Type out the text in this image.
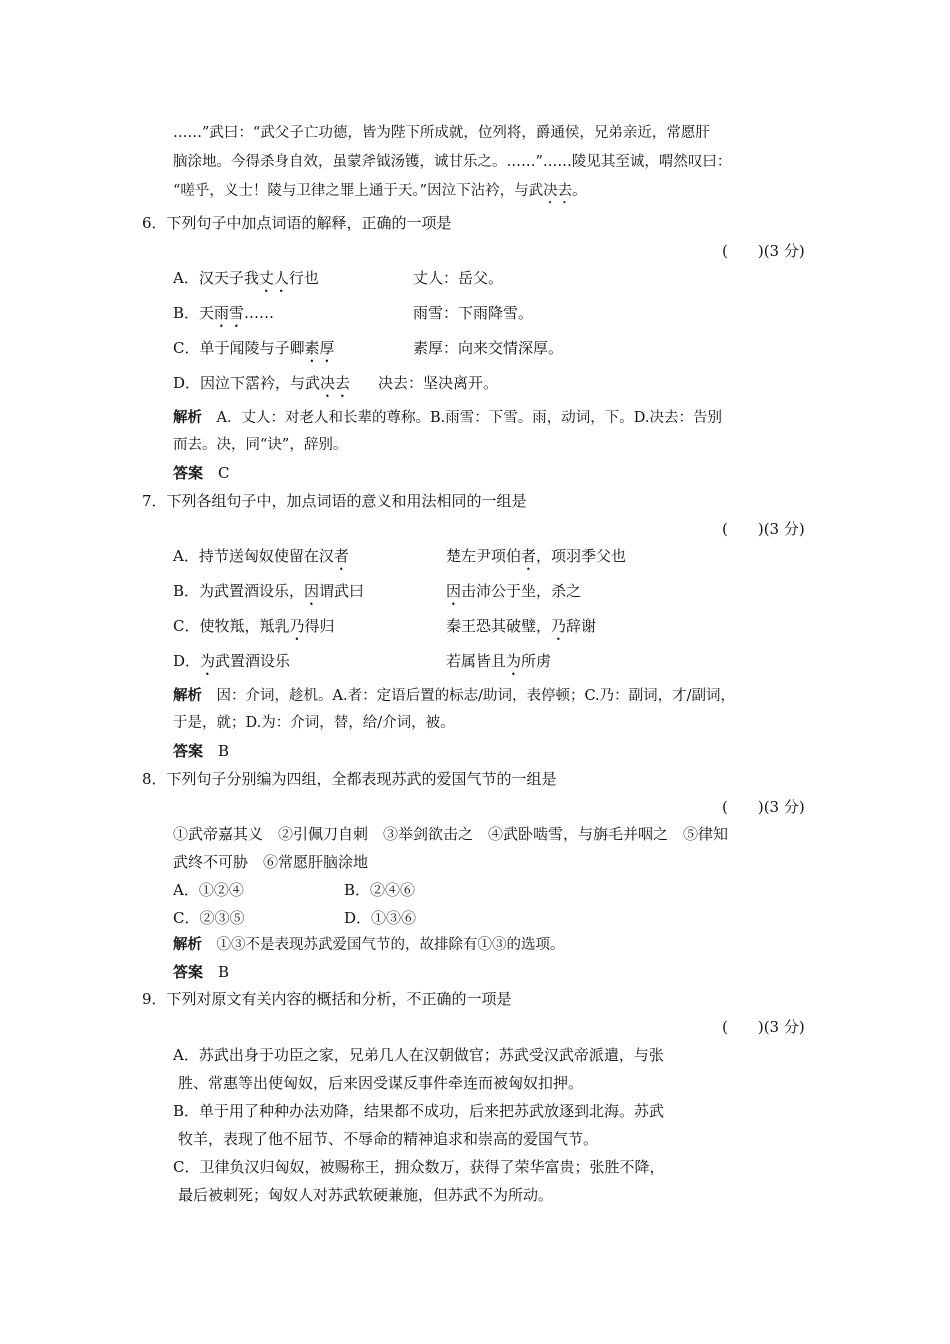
……”武曰：“武父子亡功德，皆为陛下所成就，位列将，爵通侯，兄弟亲近，常愿肝
脑涂地。今得杀身自效，虽蒙斧钺汤镬，诚甘乐之。……”……陵见其至诚，喟然叹曰：
“嗟乎，义士！陵与卫律之罪上通于天。”因泣下沾衿，与武决去。
6．下列句子中加点词语的解释，正确的一项是
(　　)(3 分)
A．汉天子我丈人行也	丈人：岳父。
B．天雨雪……	雨雪：下雨降雪。
C．单于闻陵与子卿素厚	素厚：向来交情深厚。
D．因泣下霑衿，与武决去 决去：坚决离开。
解析　A．丈人：对老人和长辈的尊称。B.雨雪：下雪。雨，动词，下。D.决去：告别
而去。决，同“诀”，辞别。
答案　C
7．下列各组句子中，加点词语的意义和用法相同的一组是
(　　)(3 分)
A．持节送匈奴使留在汉者	楚左尹项伯者，项羽季父也
B．为武置酒设乐，因谓武曰	因击沛公于坐，杀之
C．使牧羝，羝乳乃得归	秦王恐其破璧，乃辞谢
D．为武置酒设乐	若属皆且为所虏
解析　因：介词，趁机。A.者：定语后置的标志/助词，表停顿；C.乃：副词，才/副词，
于是，就；D.为：介词，替，给/介词，被。
答案　B
8．下列句子分别编为四组，全都表现苏武的爱国气节的一组是
(　　)(3 分)
①武帝嘉其义　②引佩刀自刺　③举剑欲击之　④武卧啮雪，与旃毛并咽之　⑤律知
武终不可胁　⑥常愿肝脑涂地
A．①②④	B．②④⑥
C．②③⑤	D．①③⑥
解析　①③不是表现苏武爱国气节的，故排除有①③的选项。
答案　B
9．下列对原文有关内容的概括和分析，不正确的一项是
(　　)(3 分)
A．苏武出身于功臣之家，兄弟几人在汉朝做官；苏武受汉武帝派遣，与张
胜、常惠等出使匈奴，后来因受谋反事件牵连而被匈奴扣押。
B．单于用了种种办法劝降，结果都不成功，后来把苏武放逐到北海。苏武
牧羊，表现了他不屈节、不辱命的精神追求和崇高的爱国气节。
C．卫律负汉归匈奴，被赐称王，拥众数万，获得了荣华富贵；张胜不降，
最后被刺死；匈奴人对苏武软硬兼施，但苏武不为所动。
